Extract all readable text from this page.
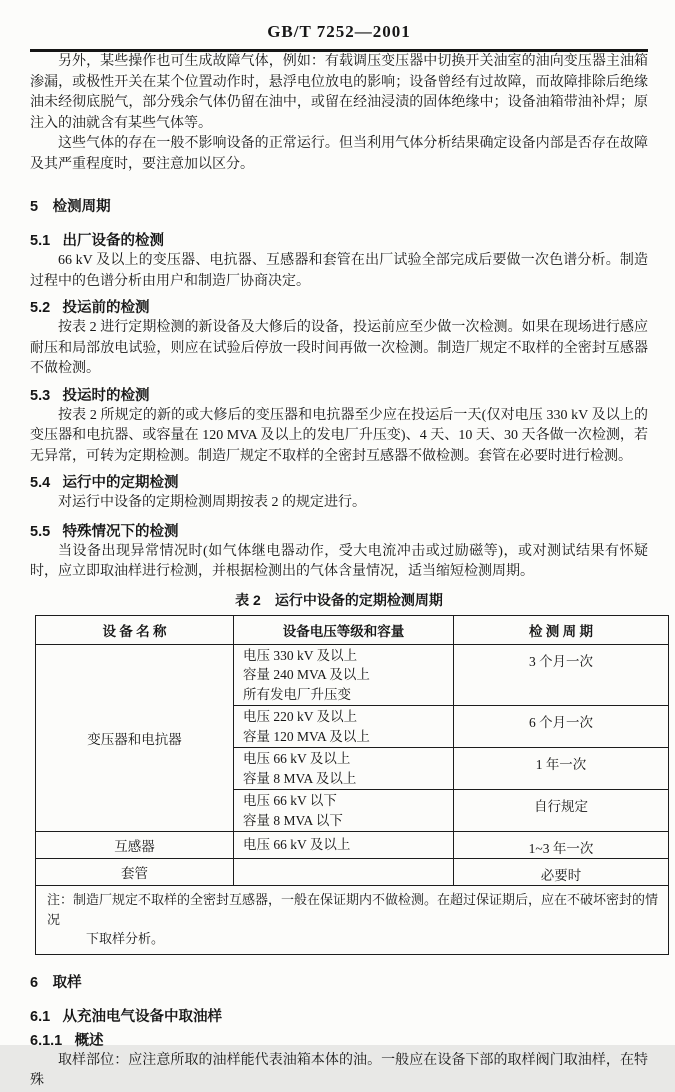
GB/T 7252—2001

另外，某些操作也可生成故障气体，例如：有载调压变压器中切换开关油室的油向变压器主油箱渗漏，或极性开关在某个位置动作时，悬浮电位放电的影响；设备曾经有过故障，而故障排除后绝缘油未经彻底脱气，部分残余气体仍留在油中，或留在经油浸渍的固体绝缘中；设备油箱带油补焊；原注入的油就含有某些气体等。

这些气体的存在一般不影响设备的正常运行。但当利用气体分析结果确定设备内部是否存在故障及其严重程度时，要注意加以区分。

5 检测周期
5.1 出厂设备的检测

66 kV 及以上的变压器、电抗器、互感器和套管在出厂试验全部完成后要做一次色谱分析。制造过程中的色谱分析由用户和制造厂协商决定。

5.2 投运前的检测

按表 2 进行定期检测的新设备及大修后的设备，投运前应至少做一次检测。如果在现场进行感应耐压和局部放电试验，则应在试验后停放一段时间再做一次检测。制造厂规定不取样的全密封互感器不做检测。

5.3 投运时的检测

按表 2 所规定的新的或大修后的变压器和电抗器至少应在投运后一天(仅对电压 330 kV 及以上的变压器和电抗器、或容量在 120 MVA 及以上的发电厂升压变)、4 天、10 天、30 天各做一次检测，若无异常，可转为定期检测。制造厂规定不取样的全密封互感器不做检测。套管在必要时进行检测。

5.4 运行中的定期检测

对运行中设备的定期检测周期按表 2 的规定进行。

5.5 特殊情况下的检测

当设备出现异常情况时(如气体继电器动作，受大电流冲击或过励磁等)，或对测试结果有怀疑时，应立即取油样进行检测，并根据检测出的气体含量情况，适当缩短检测周期。

表 2　运行中设备的定期检测周期
设 备 名 称	设备电压等级和容量	检 测 周 期
变压器和电抗器	电压 330 kV 及以上
容量 240 MVA 及以上
所有发电厂升压变	3 个月一次

	电压 220 kV 及以上
容量 120 MVA 及以上	6 个月一次

	电压 66 kV 及以上
容量 8 MVA 及以上	1 年一次

	电压 66 kV 以下
容量 8 MVA 以下	自行规定
互感器	电压 66 kV 及以上	1~3 年一次
套管		必要时

注：制造厂规定不取样的全密封互感器，一般在保证期内不做检测。在超过保证期后，应在不破坏密封的情况
下取样分析。		
6 取样
6.1 从充油电气设备中取油样
6.1.1 概述

取样部位：应注意所取的油样能代表油箱本体的油。一般应在设备下部的取样阀门取油样，在特殊
